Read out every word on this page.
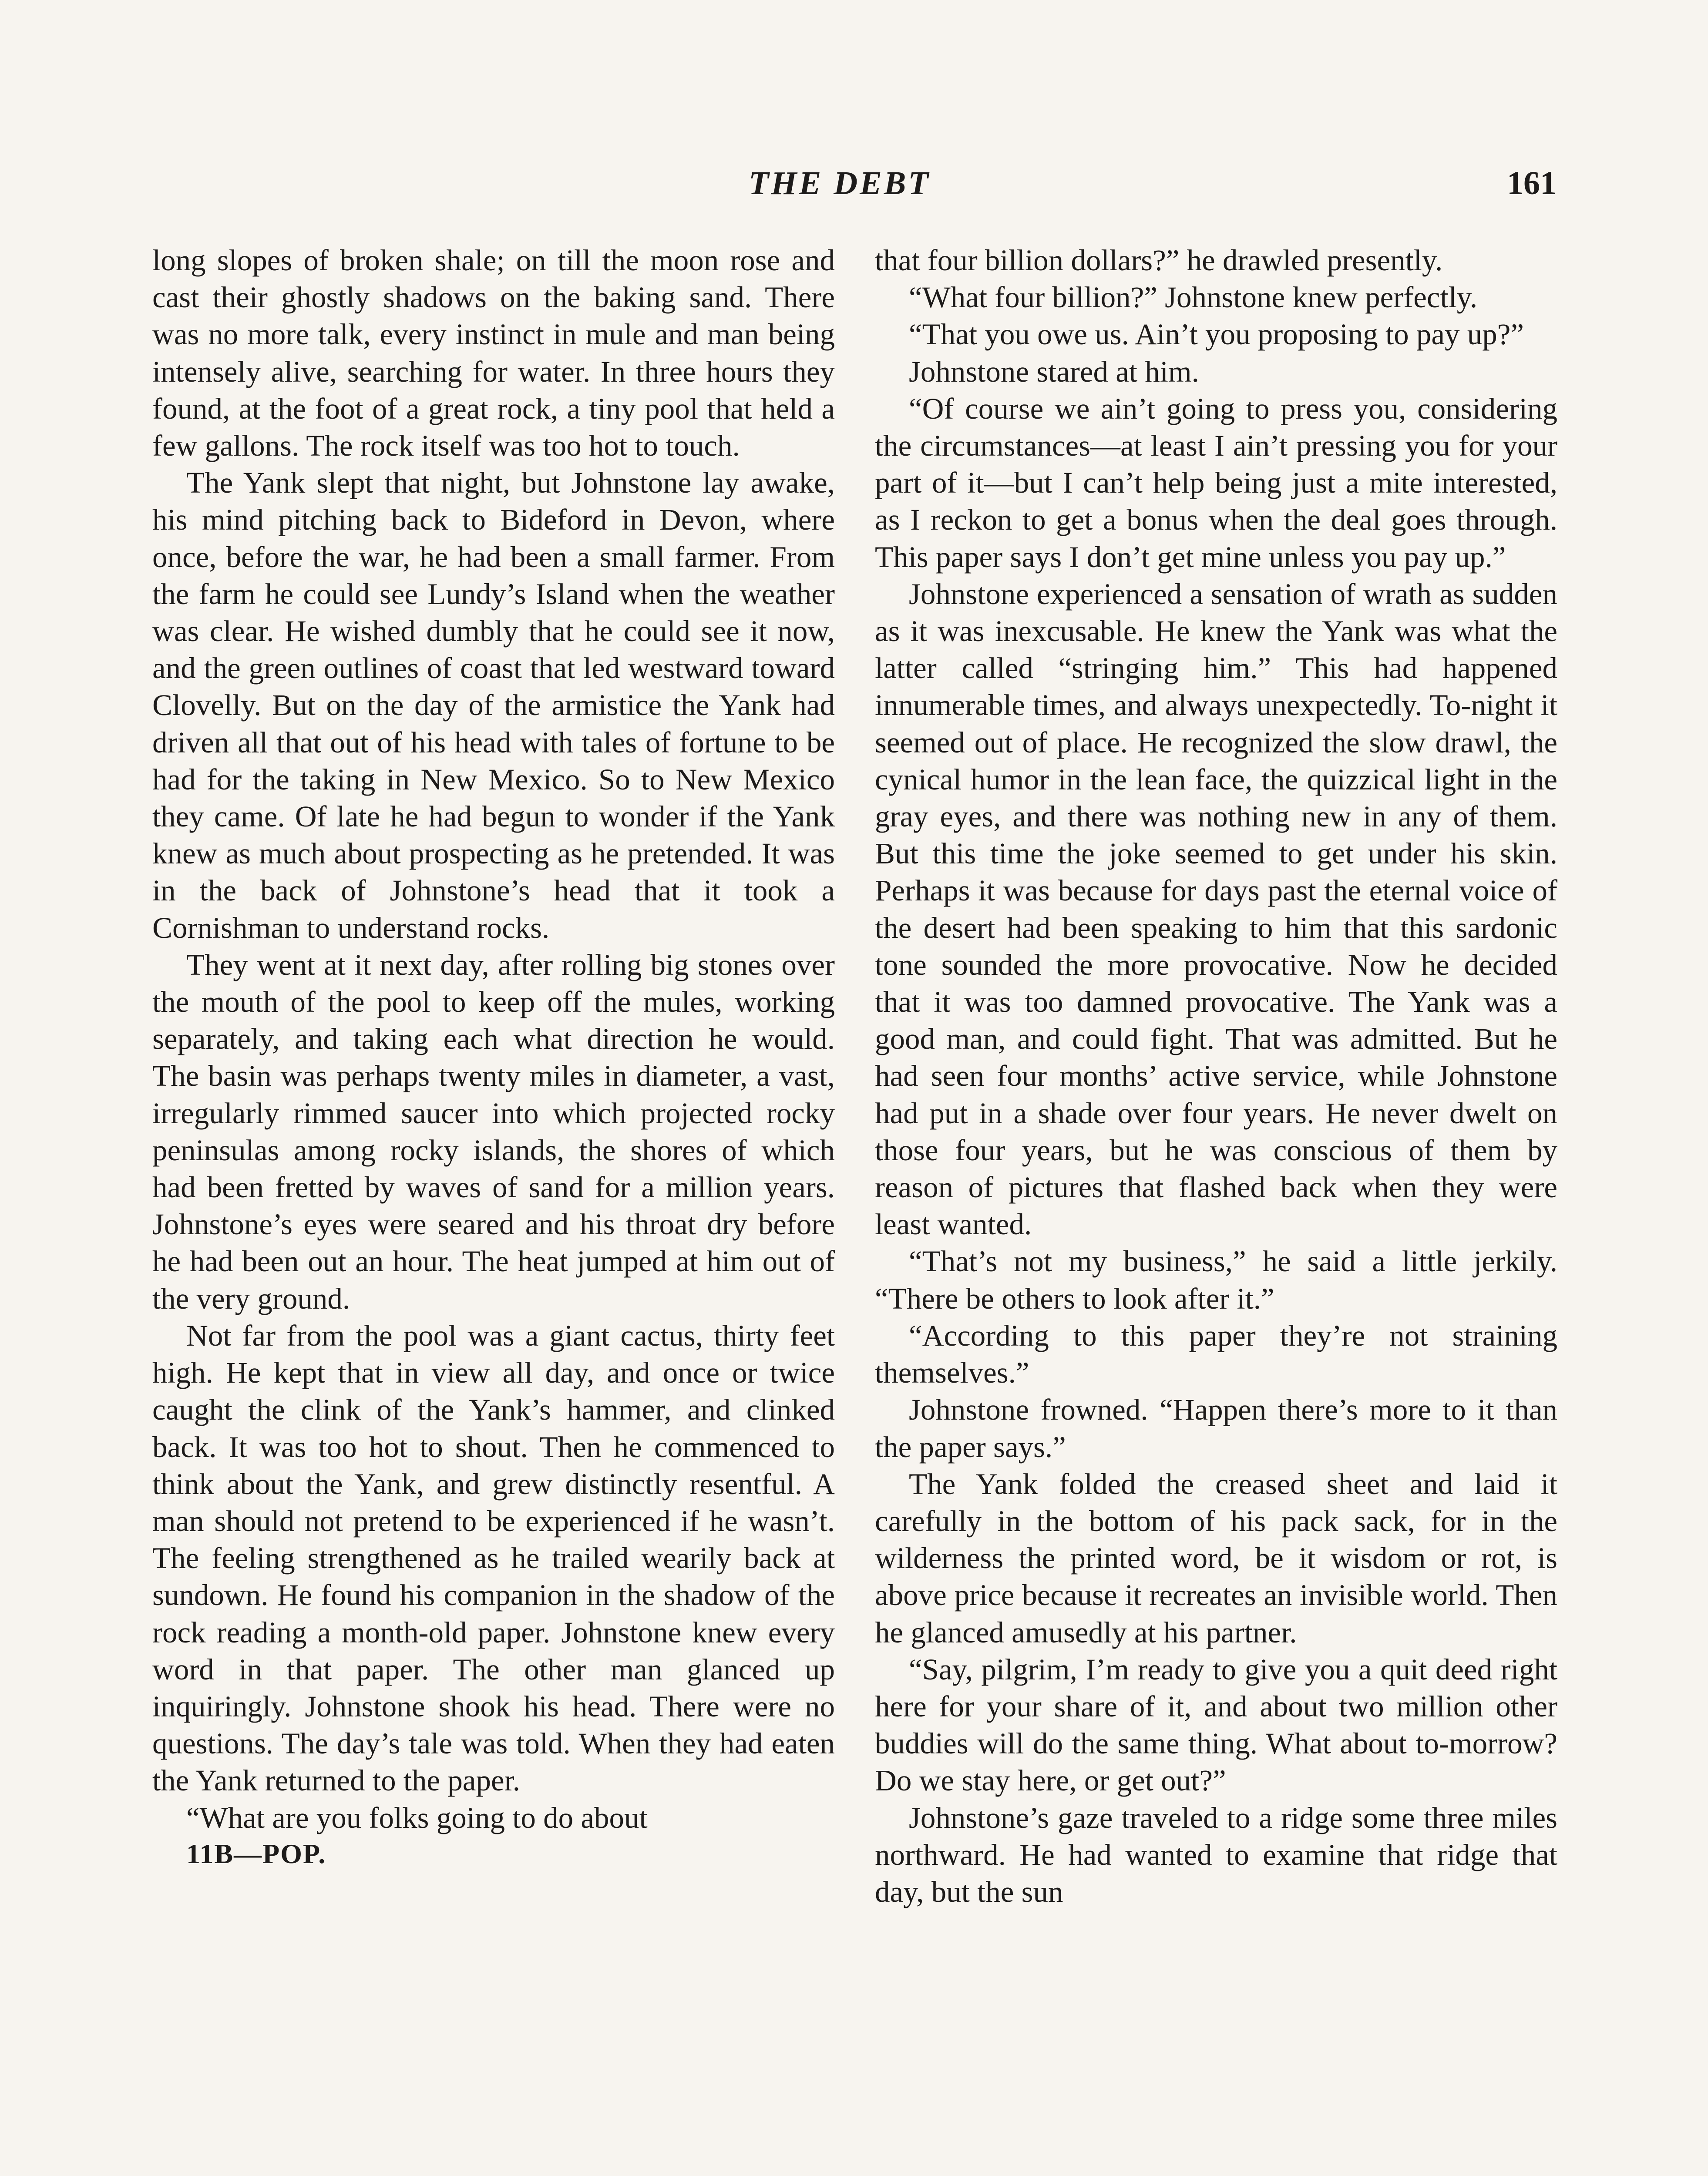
THE DEBT	161

long slopes of broken shale; on till the moon rose and cast their ghostly shadows on the baking sand. There was no more talk, every instinct in mule and man being intensely alive, searching for water. In three hours they found, at the foot of a great rock, a tiny pool that held a few gallons. The rock itself was too hot to touch.

The Yank slept that night, but Johnstone lay awake, his mind pitching back to Bideford in Devon, where once, before the war, he had been a small farmer. From the farm he could see Lundy’s Island when the weather was clear. He wished dumbly that he could see it now, and the green outlines of coast that led westward toward Clovelly. But on the day of the armistice the Yank had driven all that out of his head with tales of fortune to be had for the taking in New Mexico. So to New Mexico they came. Of late he had begun to wonder if the Yank knew as much about prospecting as he pretended. It was in the back of Johnstone’s head that it took a Cornishman to understand rocks.

They went at it next day, after rolling big stones over the mouth of the pool to keep off the mules, working separately, and taking each what direction he would. The basin was perhaps twenty miles in diameter, a vast, irregularly rimmed saucer into which projected rocky peninsulas among rocky islands, the shores of which had been fretted by waves of sand for a million years. Johnstone’s eyes were seared and his throat dry before he had been out an hour. The heat jumped at him out of the very ground.

Not far from the pool was a giant cactus, thirty feet high. He kept that in view all day, and once or twice caught the clink of the Yank’s hammer, and clinked back. It was too hot to shout. Then he commenced to think about the Yank, and grew distinctly resentful. A man should not pretend to be experienced if he wasn’t. The feeling strengthened as he trailed wearily back at sundown. He found his companion in the shadow of the rock reading a month-old paper. Johnstone knew every word in that paper. The other man glanced up inquiringly. Johnstone shook his head. There were no questions. The day’s tale was told. When they had eaten the Yank returned to the paper.

“What are you folks going to do about

11B—POP.

that four billion dollars?” he drawled presently.

“What four billion?” Johnstone knew perfectly.

“That you owe us. Ain’t you proposing to pay up?”

Johnstone stared at him.

“Of course we ain’t going to press you, considering the circumstances—at least I ain’t pressing you for your part of it—but I can’t help being just a mite interested, as I reckon to get a bonus when the deal goes through. This paper says I don’t get mine unless you pay up.”

Johnstone experienced a sensation of wrath as sudden as it was inexcusable. He knew the Yank was what the latter called “stringing him.” This had happened innumerable times, and always unexpectedly. To-night it seemed out of place. He recognized the slow drawl, the cynical humor in the lean face, the quizzical light in the gray eyes, and there was nothing new in any of them. But this time the joke seemed to get under his skin. Perhaps it was because for days past the eternal voice of the desert had been speaking to him that this sardonic tone sounded the more provocative. Now he decided that it was too damned provocative. The Yank was a good man, and could fight. That was admitted. But he had seen four months’ active service, while Johnstone had put in a shade over four years. He never dwelt on those four years, but he was conscious of them by reason of pictures that flashed back when they were least wanted.

“That’s not my business,” he said a little jerkily. “There be others to look after it.”

“According to this paper they’re not straining themselves.”

Johnstone frowned. “Happen there’s more to it than the paper says.”

The Yank folded the creased sheet and laid it carefully in the bottom of his pack sack, for in the wilderness the printed word, be it wisdom or rot, is above price because it recreates an invisible world. Then he glanced amusedly at his partner.

“Say, pilgrim, I’m ready to give you a quit deed right here for your share of it, and about two million other buddies will do the same thing. What about to-morrow? Do we stay here, or get out?”

Johnstone’s gaze traveled to a ridge some three miles northward. He had wanted to examine that ridge that day, but the sun
